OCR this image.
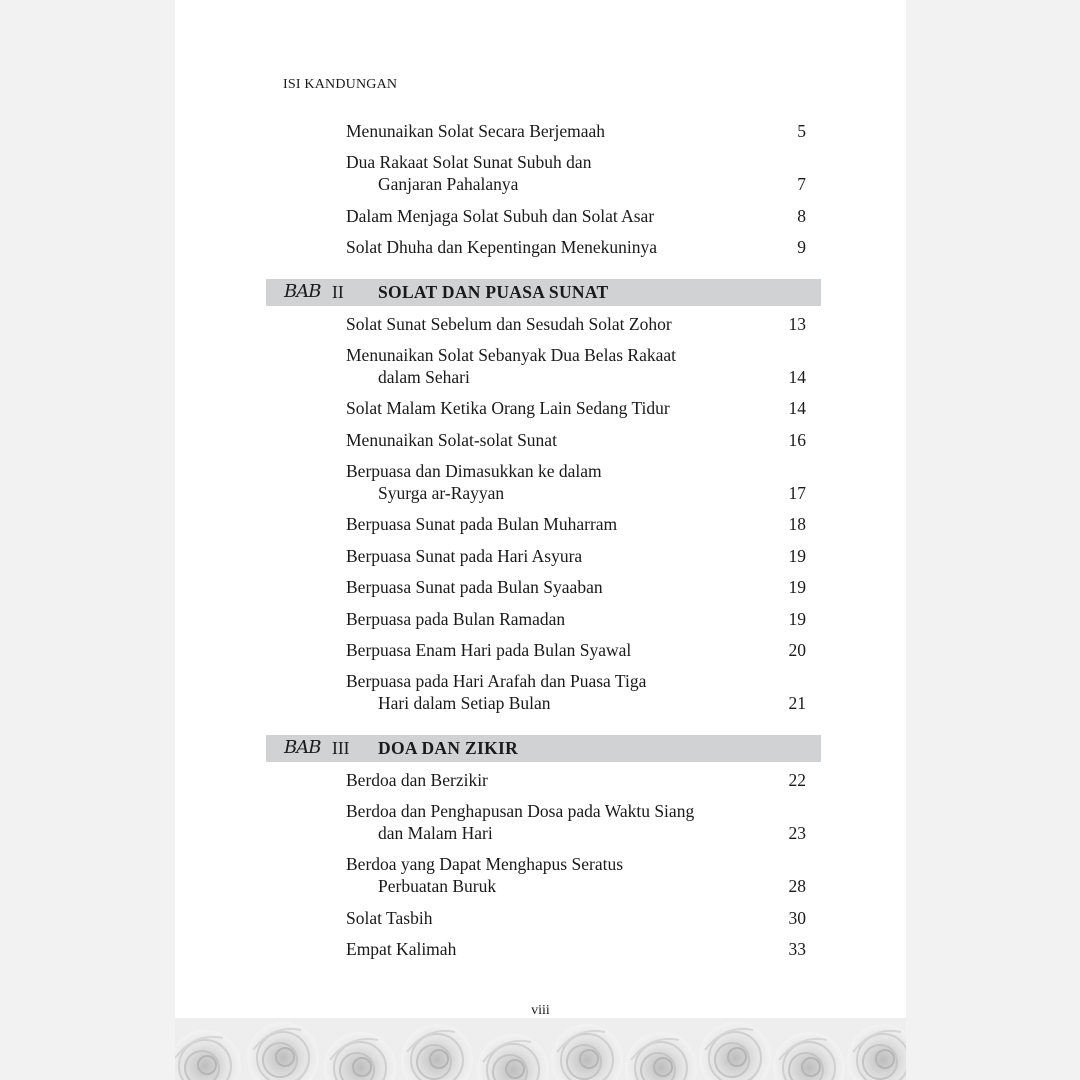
ISI KANDUNGAN
Menunaikan Solat Secara Berjemaah	5
Dua Rakaat Solat Sunat Subuh dan
Ganjaran Pahalanya	7
Dalam Menjaga Solat Subuh dan Solat Asar	8
Solat Dhuha dan Kepentingan Menekuninya	9
BAB II SOLAT DAN PUASA SUNAT
Solat Sunat Sebelum dan Sesudah Solat Zohor	13
Menunaikan Solat Sebanyak Dua Belas Rakaat
dalam Sehari	14
Solat Malam Ketika Orang Lain Sedang Tidur	14
Menunaikan Solat-solat Sunat	16
Berpuasa dan Dimasukkan ke dalam
Syurga ar-Rayyan	17
Berpuasa Sunat pada Bulan Muharram	18
Berpuasa Sunat pada Hari Asyura	19
Berpuasa Sunat pada Bulan Syaaban	19
Berpuasa pada Bulan Ramadan	19
Berpuasa Enam Hari pada Bulan Syawal	20
Berpuasa pada Hari Arafah dan Puasa Tiga
Hari dalam Setiap Bulan	21
BAB III DOA DAN ZIKIR
Berdoa dan Berzikir	22
Berdoa dan Penghapusan Dosa pada Waktu Siang
dan Malam Hari	23
Berdoa yang Dapat Menghapus Seratus
Perbuatan Buruk	28
Solat Tasbih	30
Empat Kalimah	33
viii
